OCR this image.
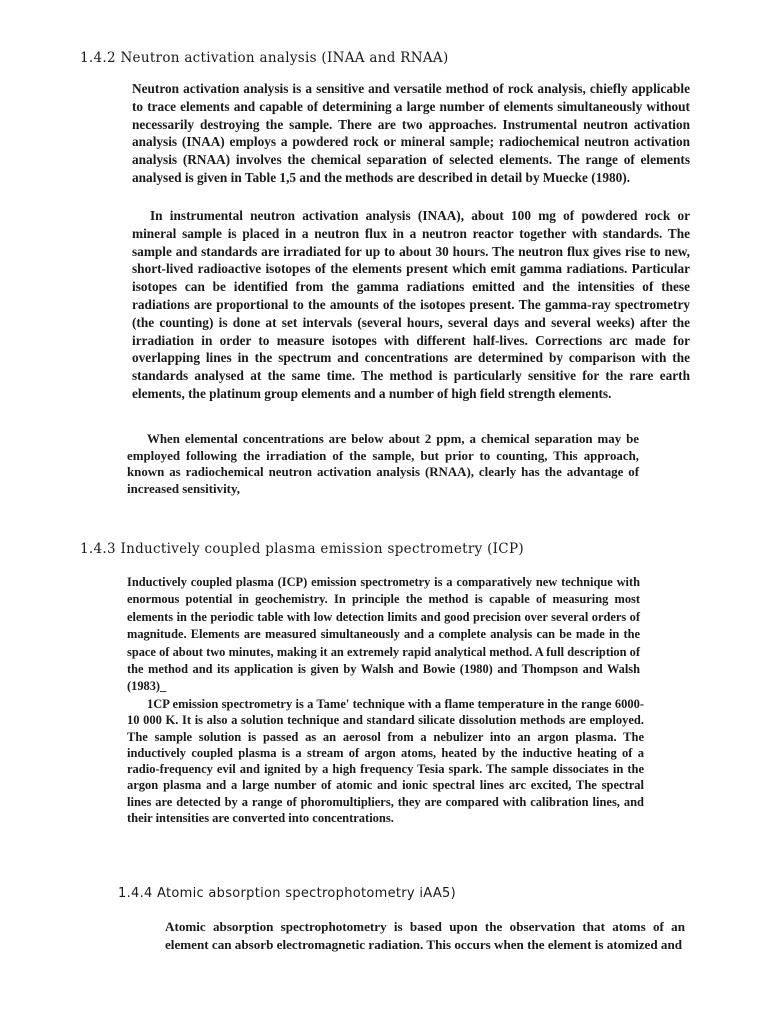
1.4.2 Neutron activation analysis (INAA and RNAA)

Neutron activation analysis is a sensitive and versatile method of rock analysis, chiefly applicable to trace elements and capable of determining a large number of elements simultaneously without necessarily destroying the sample. There are two approaches. Instrumental neutron activation analysis (INAA) employs a powdered rock or mineral sample; radiochemical neutron activation analysis (RNAA) involves the chemical separation of selected elements. The range of elements analysed is given in Table 1,5 and the methods are described in detail by Muecke (1980).

In instrumental neutron activation analysis (INAA), about 100 mg of powdered rock or mineral sample is placed in a neutron flux in a neutron reactor together with standards. The sample and standards are irradiated for up to about 30 hours. The neutron flux gives rise to new, short-lived radioactive isotopes of the elements present which emit gamma radiations. Particular isotopes can be identified from the gamma radiations emitted and the intensities of these radiations are proportional to the amounts of the isotopes present. The gamma-ray spectrometry (the counting) is done at set intervals (several hours, several days and several weeks) after the irradiation in order to measure isotopes with different half-lives. Corrections arc made for overlapping lines in the spectrum and concentrations are determined by comparison with the standards analysed at the same time. The method is particularly sensitive for the rare earth elements, the platinum group elements and a number of high field strength elements.

When elemental concentrations are below about 2 ppm, a chemical separation may be employed following the irradiation of the sample, but prior to counting, This approach, known as radiochemical neutron activation analysis (RNAA), clearly has the advantage of increased sensitivity,

1.4.3 Inductively coupled plasma emission spectrometry (ICP)

Inductively coupled plasma (ICP) emission spectrometry is a comparatively new technique with enormous potential in geochemistry. In principle the method is capable of measuring most elements in the periodic table with low detection limits and good precision over several orders of magnitude. Elements are measured simultaneously and a complete analysis can be made in the space of about two minutes, making it an extremely rapid analytical method. A full description of the method and its application is given by Walsh and Bowie (1980) and Thompson and Walsh (1983)_

1CP emission spectrometry is a Tame' technique with a flame temperature in the range 6000-10 000 K. It is also a solution technique and standard silicate dissolution methods are employed. The sample solution is passed as an aerosol from a nebulizer into an argon plasma. The inductively coupled plasma is a stream of argon atoms, heated by the inductive heating of a radio-frequency evil and ignited by a high frequency Tesia spark. The sample dissociates in the argon plasma and a large number of atomic and ionic spectral lines arc excited, The spectral lines are detected by a range of phoromultipliers, they are compared with calibration lines, and their intensities are converted into concentrations.

1.4.4 Atomic absorption spectrophotometry iAA5)

Atomic absorption spectrophotometry is based upon the observation that atoms of an element can absorb electromagnetic radiation. This occurs when the element is atomized and
